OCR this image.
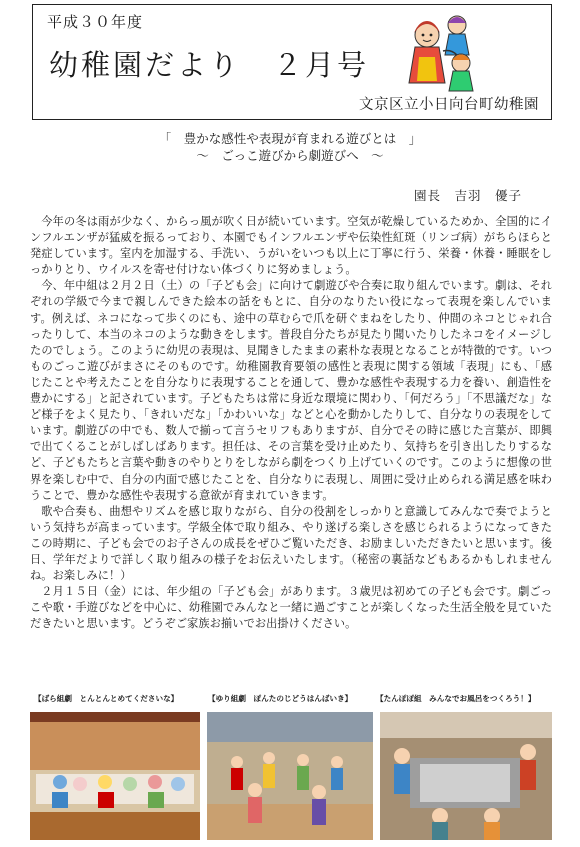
平成３０年度
幼稚園だより　２月号
文京区立小日向台町幼稚園
「　豊かな感性や表現が育まれる遊びとは　」
～　ごっこ遊びから劇遊びへ　～
園長　吉羽　優子

今年の冬は雨が少なく、からっ風が吹く日が続いています。空気が乾燥しているためか、全国的にインフルエンザが猛威を振るっており、本園でもインフルエンザや伝染性紅斑（リンゴ病）がちらほらと発症しています。室内を加湿する、手洗い、うがいをいつも以上に丁寧に行う、栄養・休養・睡眠をしっかりとり、ウイルスを寄せ付けない体づくりに努めましょう。

今、年中組は２月２日（土）の「子ども会」に向けて劇遊びや合奏に取り組んでいます。劇は、それぞれの学級で今まで親しんできた絵本の話をもとに、自分のなりたい役になって表現を楽しんでいます。例えば、ネコになって歩くのにも、途中の草むらで爪を研ぐまねをしたり、仲間のネコとじゃれ合ったりして、本当のネコのような動きをします。普段自分たちが見たり聞いたりしたネコをイメージしたのでしょう。このように幼児の表現は、見聞きしたままの素朴な表現となることが特徴的です。いつものごっこ遊びがまさにそのものです。幼稚園教育要領の感性と表現に関する領域「表現」にも、「感じたことや考えたことを自分なりに表現することを通して、豊かな感性や表現する力を養い、創造性を豊かにする」と記されています。子どもたちは常に身近な環境に関わり、「何だろう」「不思議だな」など様子をよく見たり、「きれいだな」「かわいいな」などと心を動かしたりして、自分なりの表現をしています。劇遊びの中でも、数人で揃って言うセリフもありますが、自分でその時に感じた言葉が、即興で出てくることがしばしばあります。担任は、その言葉を受け止めたり、気持ちを引き出したりするなど、子どもたちと言葉や動きのやりとりをしながら劇をつくり上げていくのです。このように想像の世界を楽しむ中で、自分の内面で感じたことを、自分なりに表現し、周囲に受け止められる満足感を味わうことで、豊かな感性や表現する意欲が育まれていきます。

歌や合奏も、曲想やリズムを感じ取りながら、自分の役割をしっかりと意識してみんなで奏でようという気持ちが高まっています。学級全体で取り組み、やり遂げる楽しさを感じられるようになってきたこの時期に、子ども会でのお子さんの成長をぜひご覧いただき、お励ましいただきたいと思います。後日、学年だよりで詳しく取り組みの様子をお伝えいたします。（秘密の裏話などもあるかもしれませんね。お楽しみに！）

２月１５日（金）には、年少組の「子ども会」があります。３歳児は初めての子ども会です。劇ごっこや歌・手遊びなどを中心に、幼稚園でみんなと一緒に過ごすことが楽しくなった生活全般を見ていただきたいと思います。どうぞご家族お揃いでお出掛けください。

【ばら組劇　とんとんとめてくださいな】	【ゆり組劇　ぽんたのじどうはんばいき】	【たんぽぽ組　みんなでお風呂をつくろう！】
